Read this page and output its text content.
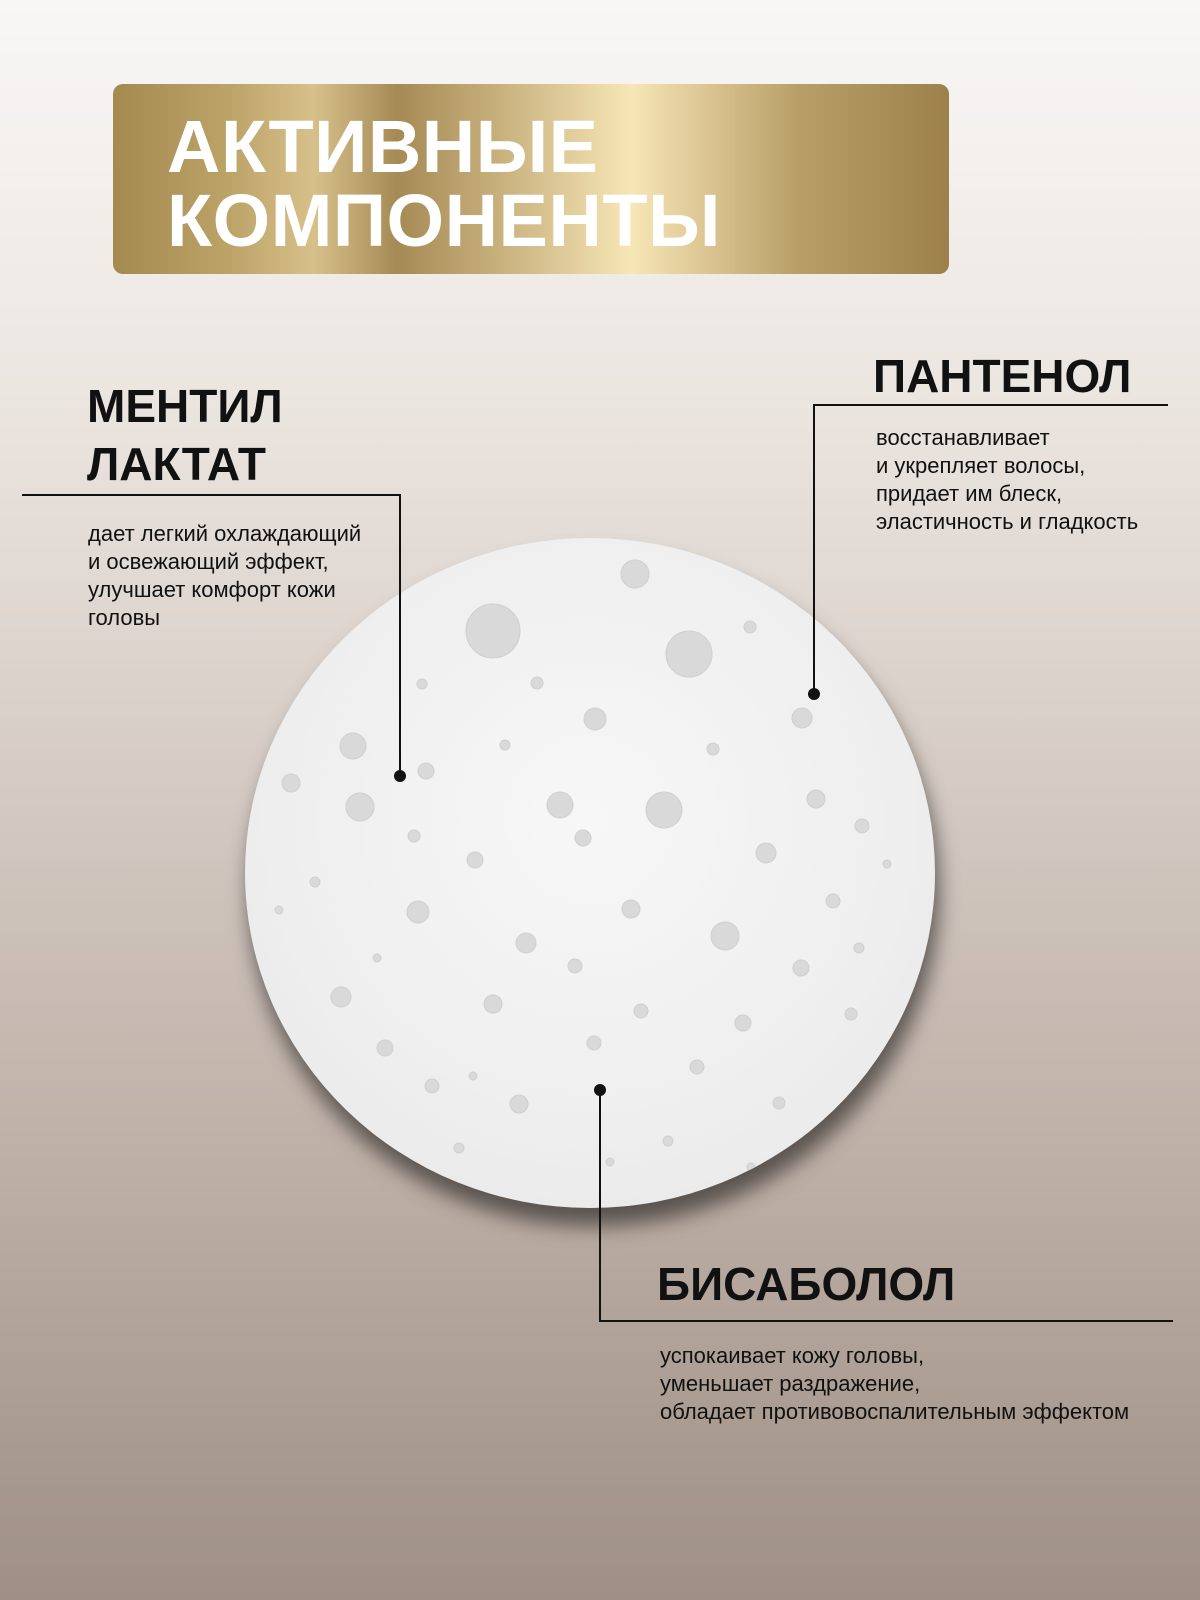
АКТИВНЫЕ
КОМПОНЕНТЫ
ПАНТЕНОЛ

восстанавливает
и укрепляет волосы,
придает им блеск,
эластичность и гладкость

МЕНТИЛ
ЛАКТАТ

дает легкий охлаждающий
и освежающий эффект,
улучшает комфорт кожи
головы

БИСАБОЛОЛ

успокаивает кожу головы,
уменьшает раздражение,
обладает противовоспалительным эффектом
